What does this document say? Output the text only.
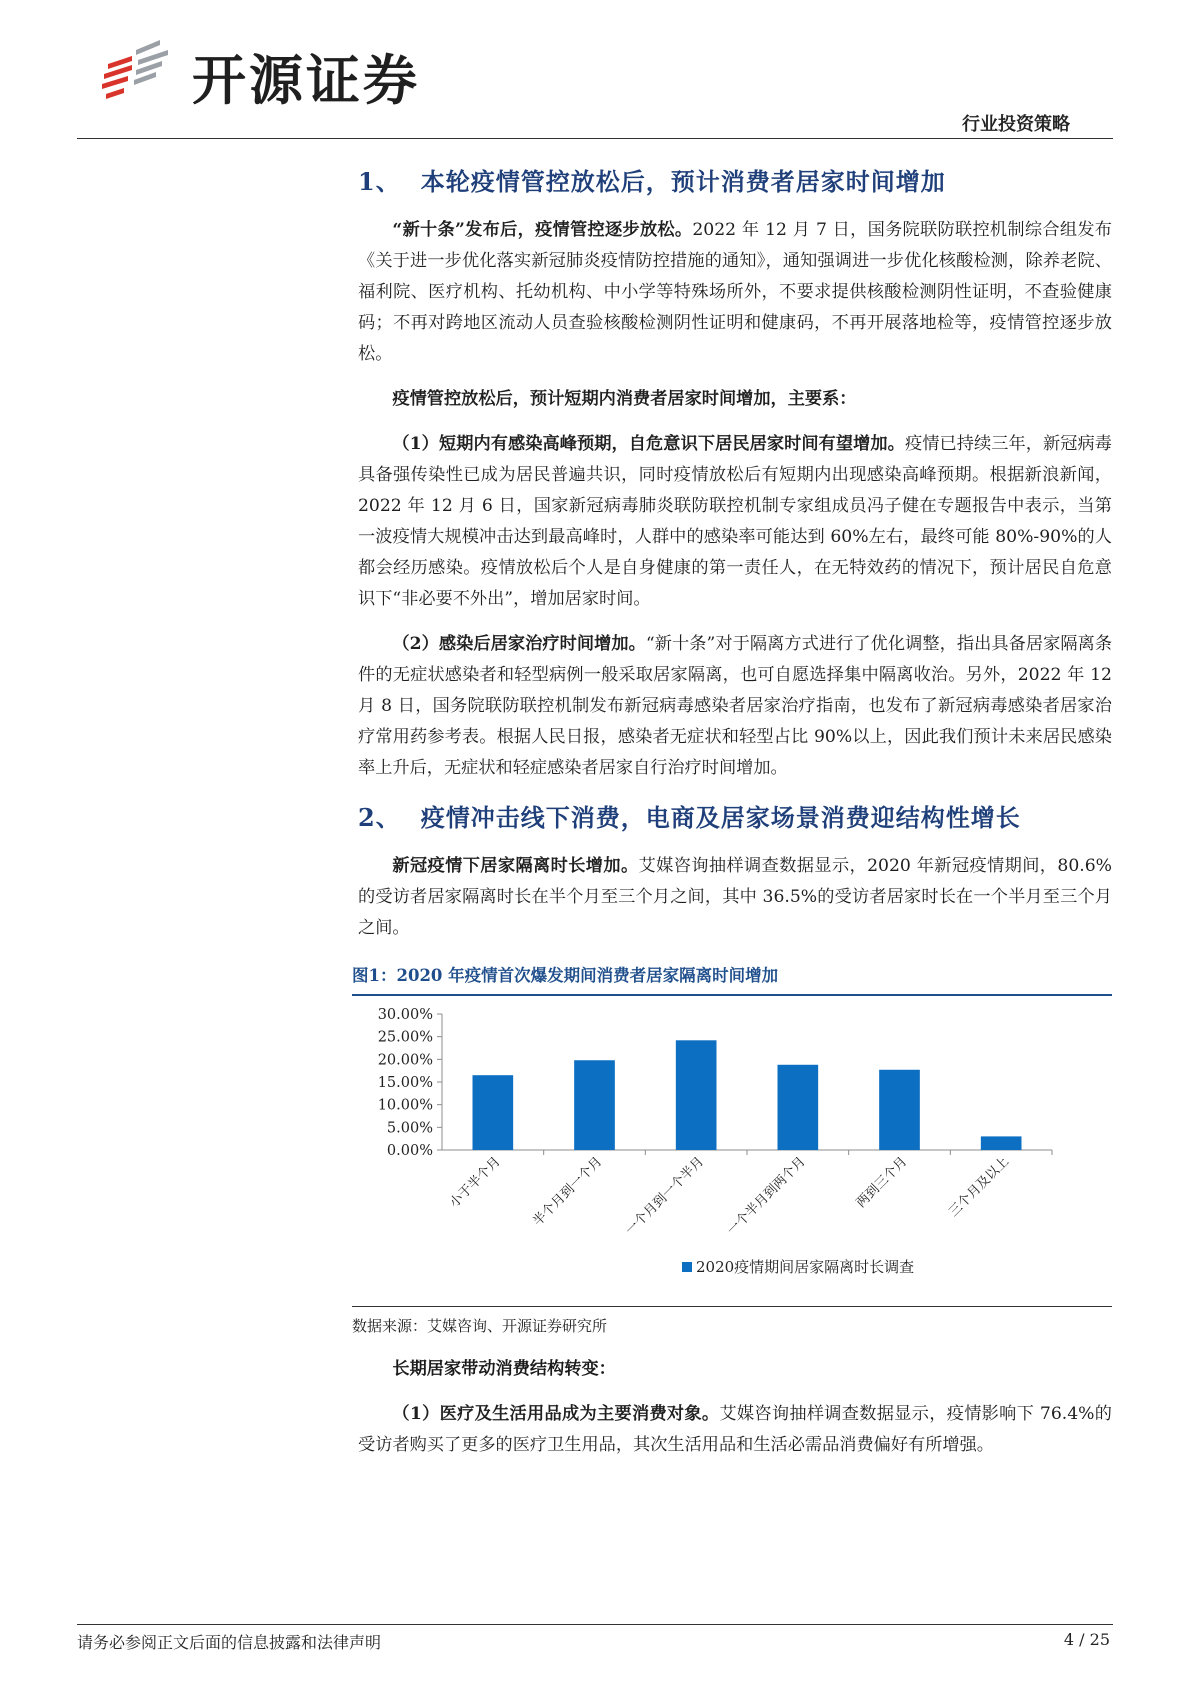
开源证券
行业投资策略
1、 本轮疫情管控放松后，预计消费者居家时间增加

“新十条”发布后，疫情管控逐步放松。2022 年 12 月 7 日，国务院联防联控机制综合组发布《关于进一步优化落实新冠肺炎疫情防控措施的通知》，通知强调进一步优化核酸检测，除养老院、福利院、医疗机构、托幼机构、中小学等特殊场所外，不要求提供核酸检测阴性证明，不查验健康码；不再对跨地区流动人员查验核酸检测阴性证明和健康码，不再开展落地检等，疫情管控逐步放松。

疫情管控放松后，预计短期内消费者居家时间增加，主要系：

（1）短期内有感染高峰预期，自危意识下居民居家时间有望增加。疫情已持续三年，新冠病毒具备强传染性已成为居民普遍共识，同时疫情放松后有短期内出现感染高峰预期。根据新浪新闻，2022 年 12 月 6 日，国家新冠病毒肺炎联防联控机制专家组成员冯子健在专题报告中表示，当第一波疫情大规模冲击达到最高峰时，人群中的感染率可能达到 60%左右，最终可能 80%-90%的人都会经历感染。疫情放松后个人是自身健康的第一责任人，在无特效药的情况下，预计居民自危意识下“非必要不外出”，增加居家时间。

（2）感染后居家治疗时间增加。“新十条”对于隔离方式进行了优化调整，指出具备居家隔离条件的无症状感染者和轻型病例一般采取居家隔离，也可自愿选择集中隔离收治。另外，2022 年 12 月 8 日，国务院联防联控机制发布新冠病毒感染者居家治疗指南，也发布了新冠病毒感染者居家治疗常用药参考表。根据人民日报，感染者无症状和轻型占比 90%以上，因此我们预计未来居民感染率上升后，无症状和轻症感染者居家自行治疗时间增加。

2、 疫情冲击线下消费，电商及居家场景消费迎结构性增长

新冠疫情下居家隔离时长增加。艾媒咨询抽样调查数据显示，2020 年新冠疫情期间，80.6%的受访者居家隔离时长在半个月至三个月之间，其中 36.5%的受访者居家时长在一个半月至三个月之间。

图1：2020 年疫情首次爆发期间消费者居家隔离时间增加
0.00%
5.00%
10.00%
15.00%
20.00%
25.00%
30.00%
小于半个月 半个月到一个月 一个月到一个半月 一个半月到两个月	两到三个月	三个月及以上
2020疫情期间居家隔离时长调查
数据来源：艾媒咨询、开源证券研究所
长期居家带动消费结构转变：

（1）医疗及生活用品成为主要消费对象。艾媒咨询抽样调查数据显示，疫情影响下 76.4%的受访者购买了更多的医疗卫生用品，其次生活用品和生活必需品消费偏好有所增强。

请务必参阅正文后面的信息披露和法律声明	4 / 25
